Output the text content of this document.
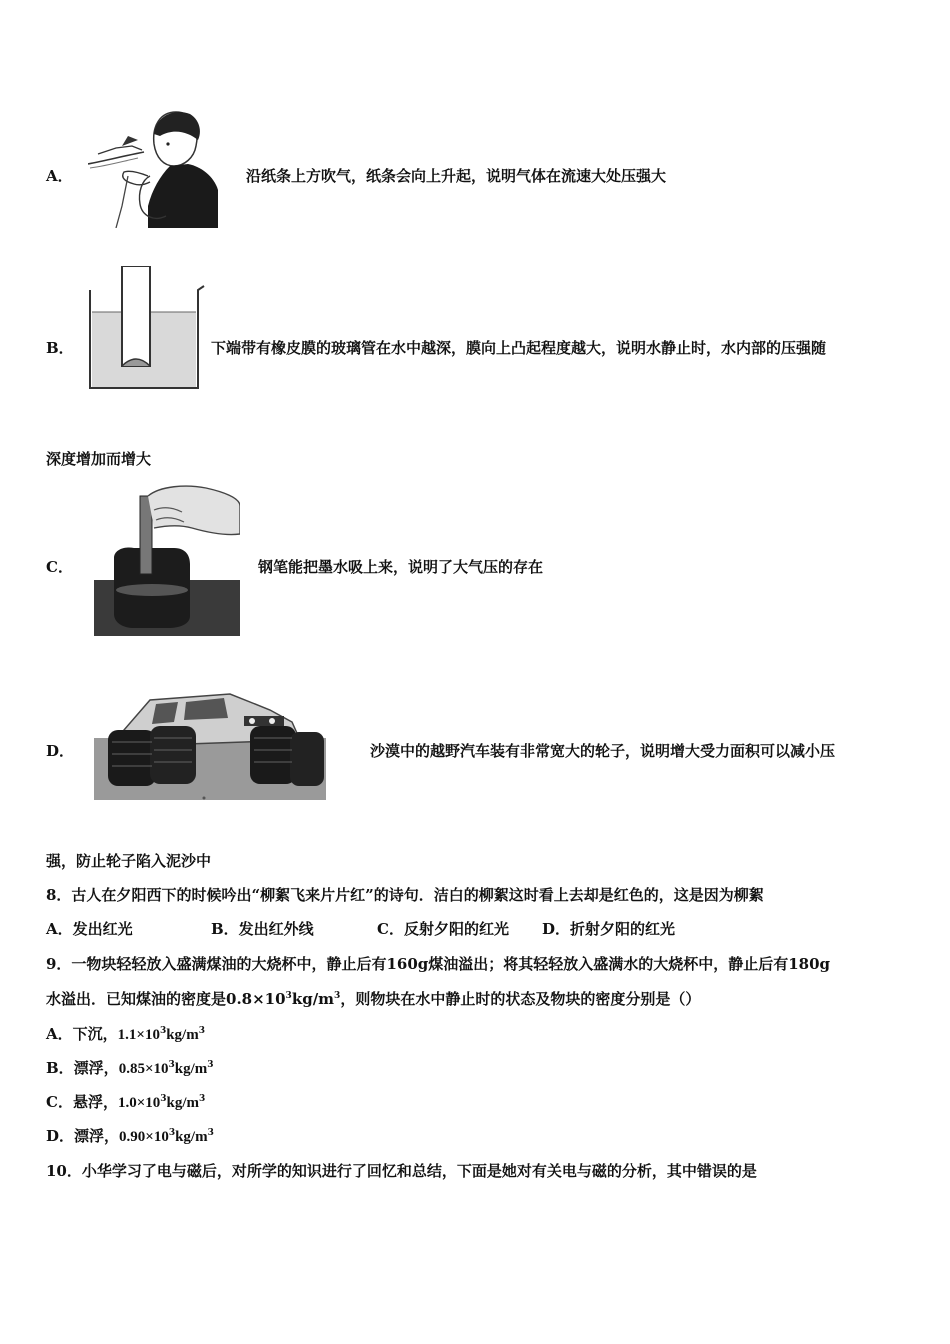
A．	沿纸条上方吹气，纸条会向上升起，说明气体在流速大处压强大
B．	下端带有橡皮膜的玻璃管在水中越深，膜向上凸起程度越大，说明水静止时，水内部的压强随
深度增加而增大
C．	钢笔能把墨水吸上来，说明了大气压的存在
D．	沙漠中的越野汽车装有非常宽大的轮子，说明增大受力面积可以减小压
强，防止轮子陷入泥沙中
8．古人在夕阳西下的时候吟出“柳絮飞来片片红”的诗句．洁白的柳絮这时看上去却是红色的，这是因为柳絮
A．发出红光	B．发出红外线	C．反射夕阳的红光 D．折射夕阳的红光
9．一物块轻轻放入盛满煤油的大烧杯中，静止后有160g煤油溢出；将其轻轻放入盛满水的大烧杯中，静止后有180g
水溢出．已知煤油的密度是$0.8\times 10^3kg/m^3$，则物块在水中静止时的状态及物块的密度分别是（）
A．下沉，$1.1\times 10^3kg/m^3$
B．漂浮，$0.85\times 10^3kg/m^3$
C．悬浮，$1.0\times 10^3kg/m^3$
D．漂浮，$0.90\times 10^3kg/m^3$
10．小华学习了电与磁后，对所学的知识进行了回忆和总结，下面是她对有关电与磁的分析，其中错误的是
